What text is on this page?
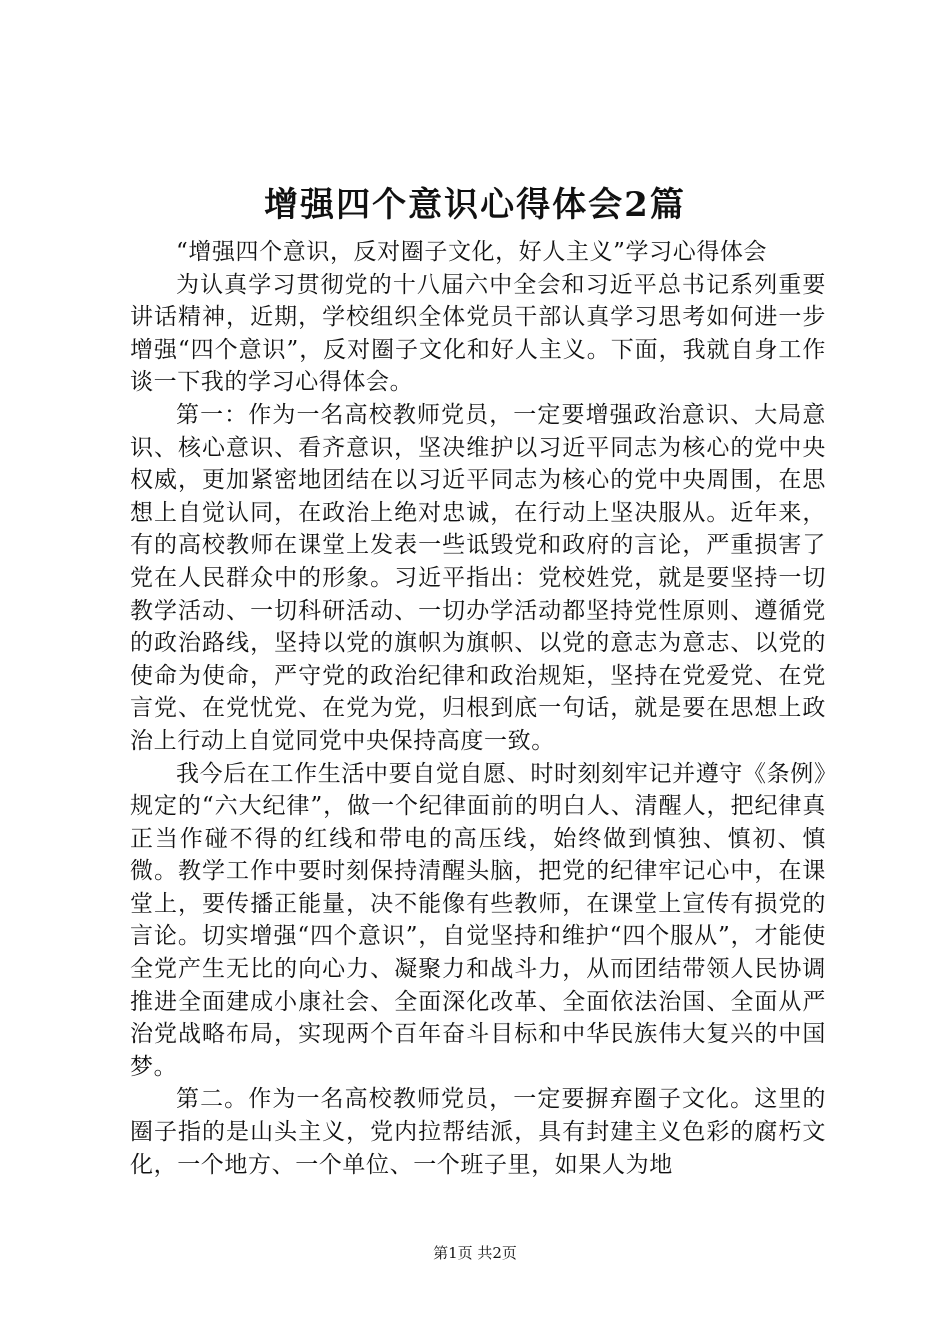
增强四个意识心得体会2篇

“增强四个意识，反对圈子文化，好人主义”学习心得体会

为认真学习贯彻党的十八届六中全会和习近平总书记系列重要讲话精神，近期，学校组织全体党员干部认真学习思考如何进一步增强“四个意识”，反对圈子文化和好人主义。下面，我就自身工作谈一下我的学习心得体会。

第一：作为一名高校教师党员，一定要增强政治意识、大局意识、核心意识、看齐意识，坚决维护以习近平同志为核心的党中央权威，更加紧密地团结在以习近平同志为核心的党中央周围，在思想上自觉认同，在政治上绝对忠诚，在行动上坚决服从。近年来，有的高校教师在课堂上发表一些诋毁党和政府的言论，严重损害了党在人民群众中的形象。习近平指出：党校姓党，就是要坚持一切教学活动、一切科研活动、一切办学活动都坚持党性原则、遵循党的政治路线，坚持以党的旗帜为旗帜、以党的意志为意志、以党的使命为使命，严守党的政治纪律和政治规矩，坚持在党爱党、在党言党、在党忧党、在党为党，归根到底一句话，就是要在思想上政治上行动上自觉同党中央保持高度一致。

我今后在工作生活中要自觉自愿、时时刻刻牢记并遵守《条例》规定的“六大纪律”，做一个纪律面前的明白人、清醒人，把纪律真正当作碰不得的红线和带电的高压线，始终做到慎独、慎初、慎微。教学工作中要时刻保持清醒头脑，把党的纪律牢记心中，在课堂上，要传播正能量，决不能像有些教师，在课堂上宣传有损党的言论。切实增强“四个意识”，自觉坚持和维护“四个服从”，才能使全党产生无比的向心力、凝聚力和战斗力，从而团结带领人民协调推进全面建成小康社会、全面深化改革、全面依法治国、全面从严治党战略布局，实现两个百年奋斗目标和中华民族伟大复兴的中国梦。

第二。作为一名高校教师党员，一定要摒弃圈子文化。这里的圈子指的是山头主义，党内拉帮结派，具有封建主义色彩的腐朽文化，一个地方、一个单位、一个班子里，如果人为地

第1页 共2页
